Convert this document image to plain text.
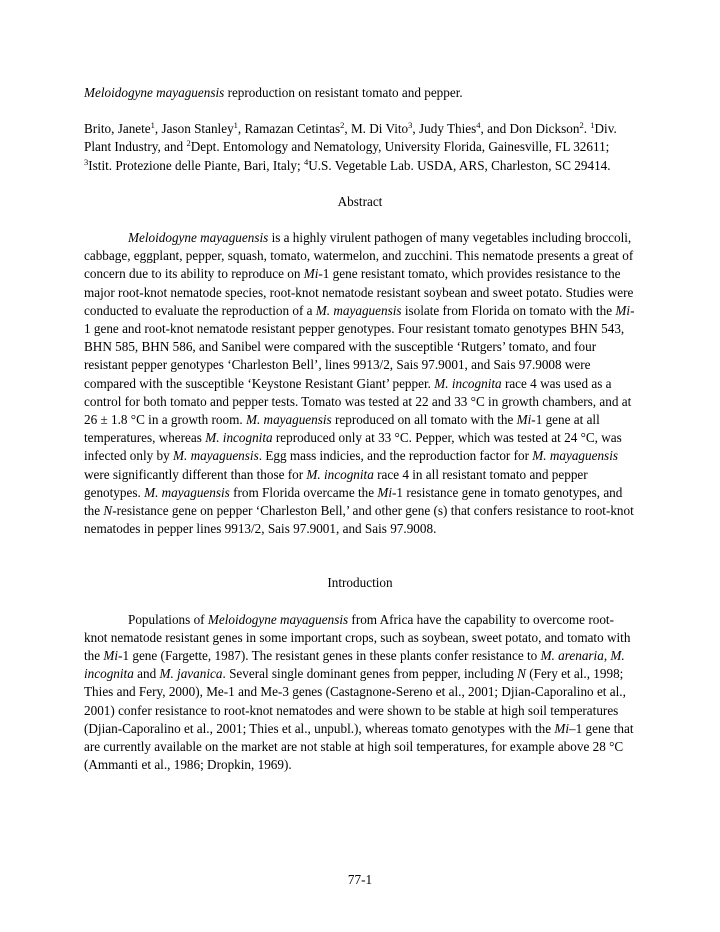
Meloidogyne mayaguensis reproduction on resistant tomato and pepper.

Brito, Janete$^1$, Jason Stanley$^1$, Ramazan Cetintas$^2$, M. Di Vito$^3$, Judy Thies$^4$, and Don Dickson$^2$. $^1$Div. Plant Industry, and $^2$Dept. Entomology and Nematology, University Florida, Gainesville, FL 32611; $^3$Istit. Protezione delle Piante, Bari, Italy; $^4$U.S. Vegetable Lab. USDA, ARS, Charleston, SC 29414.

Abstract

Meloidogyne mayaguensis is a highly virulent pathogen of many vegetables including broccoli, cabbage, eggplant, pepper, squash, tomato, watermelon, and zucchini. This nematode presents a great of concern due to its ability to reproduce on Mi-1 gene resistant tomato, which provides resistance to the major root-knot nematode species, root-knot nematode resistant soybean and sweet potato. Studies were conducted to evaluate the reproduction of a M. mayaguensis isolate from Florida on tomato with the Mi-1 gene and root-knot nematode resistant pepper genotypes. Four resistant tomato genotypes BHN 543, BHN 585, BHN 586, and Sanibel were compared with the susceptible ‘Rutgers’ tomato, and four resistant pepper genotypes ‘Charleston Bell’, lines 9913/2, Sais 97.9001, and Sais 97.9008 were compared with the susceptible ‘Keystone Resistant Giant’ pepper. M. incognita race 4 was used as a control for both tomato and pepper tests. Tomato was tested at 22 and 33 °C in growth chambers, and at 26 ± 1.8 °C in a growth room. M. mayaguensis reproduced on all tomato with the Mi-1 gene at all temperatures, whereas M. incognita reproduced only at 33 °C. Pepper, which was tested at 24 °C, was infected only by M. mayaguensis. Egg mass indicies, and the reproduction factor for M. mayaguensis were significantly different than those for M. incognita race 4 in all resistant tomato and pepper genotypes. M. mayaguensis from Florida overcame the Mi-1 resistance gene in tomato genotypes, and the N-resistance gene on pepper ‘Charleston Bell,’ and other gene (s) that confers resistance to root-knot nematodes in pepper lines 9913/2, Sais 97.9001, and Sais 97.9008.

Introduction

Populations of Meloidogyne mayaguensis from Africa have the capability to overcome root-knot nematode resistant genes in some important crops, such as soybean, sweet potato, and tomato with the Mi-1 gene (Fargette, 1987). The resistant genes in these plants confer resistance to M. arenaria, M. incognita and M. javanica. Several single dominant genes from pepper, including N (Fery et al., 1998; Thies and Fery, 2000), Me-1 and Me-3 genes (Castagnone-Sereno et al., 2001; Djian-Caporalino et al., 2001) confer resistance to root-knot nematodes and were shown to be stable at high soil temperatures (Djian-Caporalino et al., 2001; Thies et al., unpubl.), whereas tomato genotypes with the Mi–1 gene that are currently available on the market are not stable at high soil temperatures, for example above 28 °C (Ammanti et al., 1986; Dropkin, 1969).

77-1
